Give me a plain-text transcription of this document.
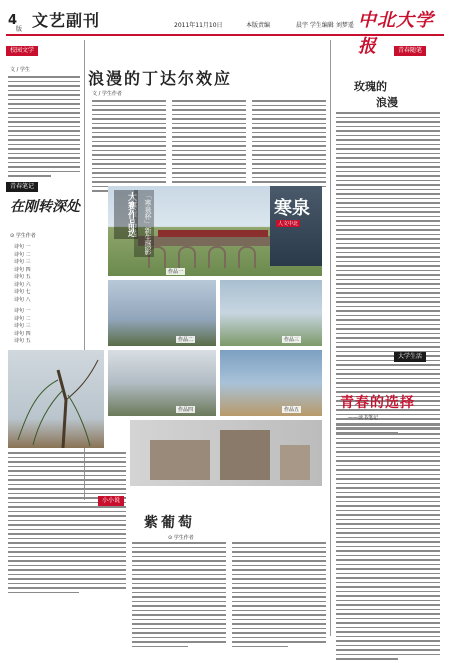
4
版 文艺副刊	2011年11月10日	本版责编	晨宇 学生编辑 刘梦遥 中北大学报
校园文学
文 / 学生
青春笔记
在刚转深处
⊙ 学生作者
诗句 一
诗句 二
诗句 三
诗句 四
诗句 五
诗句 六
诗句 七
诗句 八
诗句 一
诗句 二
诗句 三
诗句 四
诗句 五
浪漫的丁达尔效应
文 / 学生作者
大赛作品选	「寒泉杯」新生摄影	寒泉
人文中北
作品一
作品二	作品三
作品四	作品五
小小说
紫葡萄
⊙ 学生作者
青春随笔
玫瑰的
浪漫
大学生活
青春的选择
——读书笔记
